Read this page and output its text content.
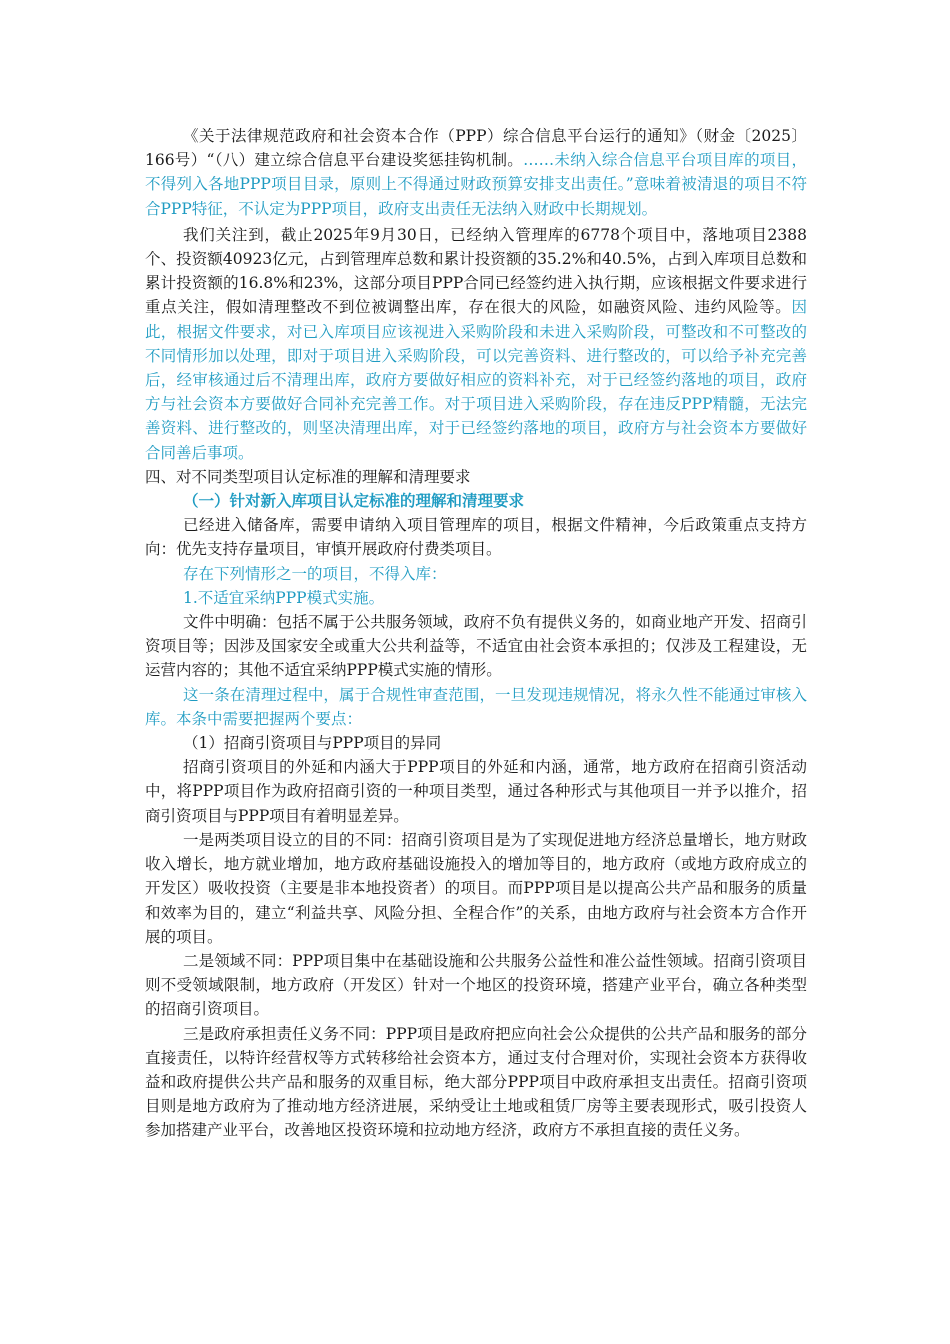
《关于法律规范政府和社会资本合作（PPP）综合信息平台运行的通知》（财金〔2025〕166号）“（八）建立综合信息平台建设奖惩挂钩机制。……未纳入综合信息平台项目库的项目，不得列入各地PPP项目目录，原则上不得通过财政预算安排支出责任。”意味着被清退的项目不符合PPP特征，不认定为PPP项目，政府支出责任无法纳入财政中长期规划。

我们关注到，截止2025年9月30日，已经纳入管理库的6778个项目中，落地项目2388个、投资额40923亿元，占到管理库总数和累计投资额的35.2%和40.5%，占到入库项目总数和累计投资额的16.8%和23%，这部分项目PPP合同已经签约进入执行期，应该根据文件要求进行重点关注，假如清理整改不到位被调整出库，存在很大的风险，如融资风险、违约风险等。因此，根据文件要求，对已入库项目应该视进入采购阶段和未进入采购阶段，可整改和不可整改的不同情形加以处理，即对于项目进入采购阶段，可以完善资料、进行整改的，可以给予补充完善后，经审核通过后不清理出库，政府方要做好相应的资料补充，对于已经签约落地的项目，政府方与社会资本方要做好合同补充完善工作。对于项目进入采购阶段，存在违反PPP精髓，无法完善资料、进行整改的，则坚决清理出库，对于已经签约落地的项目，政府方与社会资本方要做好合同善后事项。

四、对不同类型项目认定标准的理解和清理要求

（一）针对新入库项目认定标准的理解和清理要求

已经进入储备库，需要申请纳入项目管理库的项目，根据文件精神，今后政策重点支持方向：优先支持存量项目，审慎开展政府付费类项目。

存在下列情形之一的项目，不得入库：

1.不适宜采纳PPP模式实施。

文件中明确：包括不属于公共服务领域，政府不负有提供义务的，如商业地产开发、招商引资项目等；因涉及国家安全或重大公共利益等，不适宜由社会资本承担的；仅涉及工程建设，无运营内容的；其他不适宜采纳PPP模式实施的情形。

这一条在清理过程中，属于合规性审查范围，一旦发现违规情况，将永久性不能通过审核入库。本条中需要把握两个要点：

（1）招商引资项目与PPP项目的异同

招商引资项目的外延和内涵大于PPP项目的外延和内涵，通常，地方政府在招商引资活动中，将PPP项目作为政府招商引资的一种项目类型，通过各种形式与其他项目一并予以推介，招商引资项目与PPP项目有着明显差异。

一是两类项目设立的目的不同：招商引资项目是为了实现促进地方经济总量增长，地方财政收入增长，地方就业增加，地方政府基础设施投入的增加等目的，地方政府（或地方政府成立的开发区）吸收投资（主要是非本地投资者）的项目。而PPP项目是以提高公共产品和服务的质量和效率为目的，建立“利益共享、风险分担、全程合作”的关系，由地方政府与社会资本方合作开展的项目。

二是领域不同：PPP项目集中在基础设施和公共服务公益性和准公益性领域。招商引资项目则不受领域限制，地方政府（开发区）针对一个地区的投资环境，搭建产业平台，确立各种类型的招商引资项目。

三是政府承担责任义务不同：PPP项目是政府把应向社会公众提供的公共产品和服务的部分直接责任，以特许经营权等方式转移给社会资本方，通过支付合理对价，实现社会资本方获得收益和政府提供公共产品和服务的双重目标，绝大部分PPP项目中政府承担支出责任。招商引资项目则是地方政府为了推动地方经济进展，采纳受让土地或租赁厂房等主要表现形式，吸引投资人参加搭建产业平台，改善地区投资环境和拉动地方经济，政府方不承担直接的责任义务。
